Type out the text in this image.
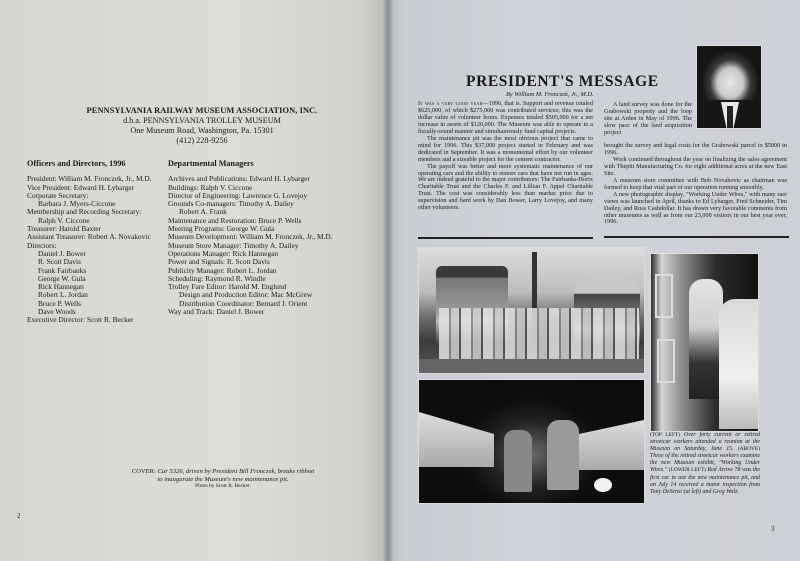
PENNSYLVANIA RAILWAY MUSEUM ASSOCIATION, INC.
d.b.a. PENNSYLVANIA TROLLEY MUSEUM
One Museum Road, Washington, Pa. 15301
(412) 228-9256
Officers and Directors, 1996
President: William M. Fronczek, Jr., M.D.
Vice President: Edward H. Lybarger
Corporate Secretary:
Barbara J. Myers-Ciccone
Membership and Recording Secretary:
Ralph V. Ciccone
Treasurer: Harold Baxter
Assistant Treasurer: Robert A. Novakovic
Directors:
Daniel J. Bower
R. Scott Davis
Frank Fairbanks
George W. Gula
Rick Hannegan
Robert L. Jordan
Bruce P. Wells
Dave Woods
Executive Director: Scott R. Becker
Departmental Managers
Archives and Publications: Edward H. Lybarger
Buildings: Ralph V. Ciccone
Director of Engineering: Lawrence G. Lovejoy
Grounds Co-managers: Timothy A. Dailey
Robert A. Frank
Maintenance and Restoration: Bruce P. Wells
Meeting Programs: George W. Gula
Museum Development: William M. Fronczek, Jr., M.D.
Museum Store Manager: Timothy A. Dailey
Operations Manager: Rick Hannegan
Power and Signals: R. Scott Davis
Publicity Manager: Robert L. Jordan
Scheduling: Raymond R. Windle
Trolley Fare Editor: Harold M. Englund
Design and Production Editor: Mac McGrew
Distribution Coordinator: Bernard J. Orient
Way and Track: Daniel J. Bower
COVER: Car 5326, driven by President Bill Fronczek, breaks ribbon
to inaugurate the Museum's new maintenance pit.
Photo by Scott R. Becker.
2
PRESIDENT'S MESSAGE
By William M. Fronczek, Jr., M.D.

It was a very good year—1996, that is. Support and revenue totaled $625,000, of which $275,000 was contributed services; this was the dollar value of volunteer hours. Expenses totaled $505,000 for a net increase in assets of $120,000. The Museum was able to operate in a fiscally-sound manner and simultaneously fund capital projects.

The maintenance pit was the most obvious project that came to mind for 1996. This $37,000 project started in February and was dedicated in September. It was a monumental effort by our volunteer members and a sizeable project for the cement contractor.

The payoff was better and more systematic maintenance of our operating cars and the ability to restore cars that have not run in ages. We are indeed grateful to the major contributors: The Fairbanks-Horix Charitable Trust and the Charles F. and Lillian F. Appel Charitable Trust. The cost was considerably less than market price due to supervision and hard work by Dan Bower, Larry Lovejoy, and many other volunteers.

A land survey was done for the Grabowski property and the loop site at Arden in May of 1996. The slow pace of the land acquisition project

brought the survey and legal costs for the Grabowski parcel to $5000 in 1996.

Work continued throughout the year on finalizing the sales agreement with Thepitt Manufacturing Co. for eight additional acres at the new East Site.

A museum store committee with Bob Novakovic as chairman was formed to keep that vital part of our operation running smoothly.

A new photographic display, "Working Under Wires," with many rare views was launched in April, thanks to Ed Lybarger, Fred Schneider, Tim Dailey, and Russ Cashdollar. It has drawn very favorable comments from other museums as well as from our 23,000 visitors in our best year ever, 1996.

(TOP LEFT) Over forty current or retired streetcar workers attended a reunion at the Museum on Saturday, June 15. (ABOVE) Three of the retired streetcar workers examine the new Museum exhibit, "Working Under Wires." (LOWER LEFT) Red Arrow 78 was the first car to use the new maintenance pit, and on July 14 received a motor inspection from Tony DeSensi (at left) and Greg Walz.
3
